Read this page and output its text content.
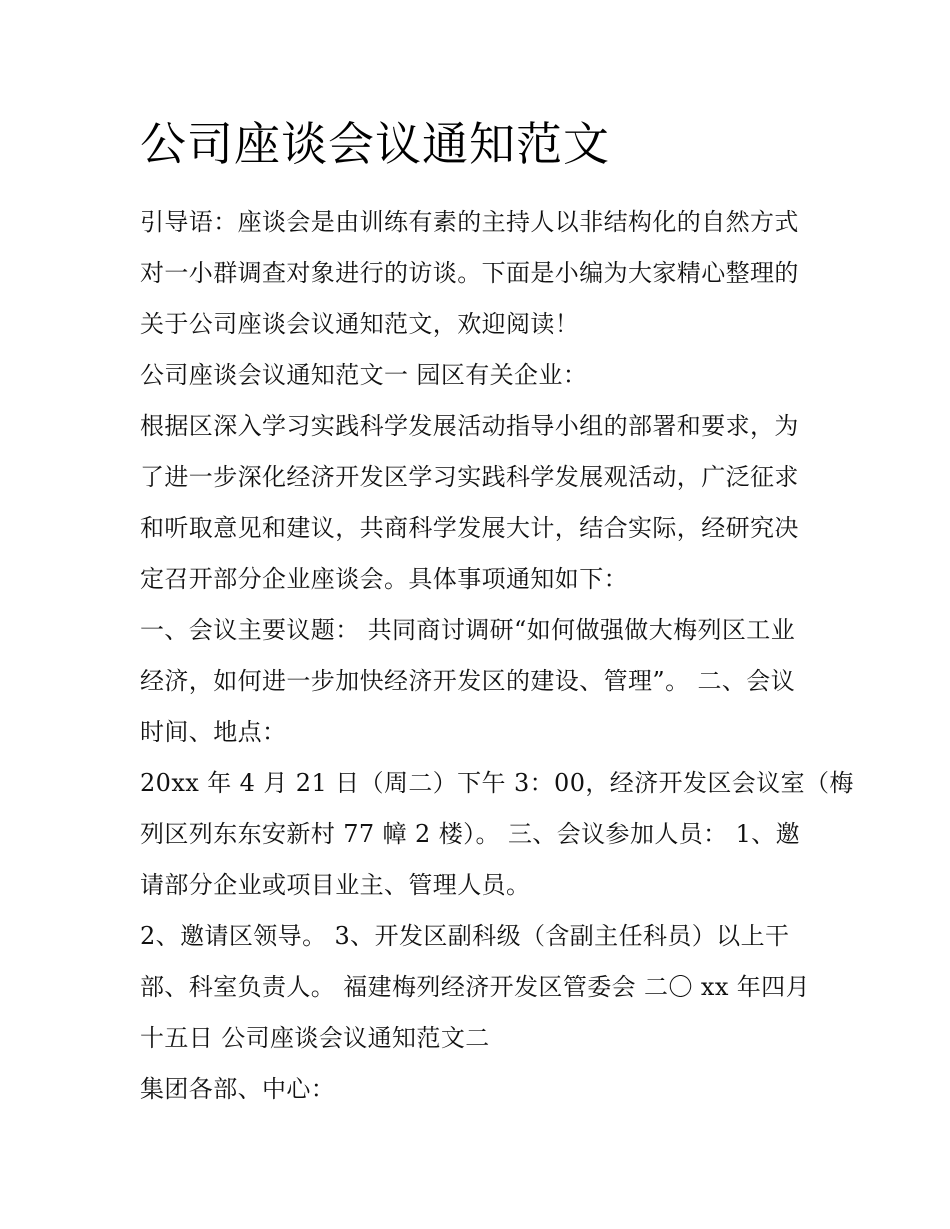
公司座谈会议通知范文
引导语：座谈会是由训练有素的主持人以非结构化的自然方式
对一小群调查对象进行的访谈。下面是小编为大家精心整理的
关于公司座谈会议通知范文，欢迎阅读！
公司座谈会议通知范文一 园区有关企业：
根据区深入学习实践科学发展活动指导小组的部署和要求，为
了进一步深化经济开发区学习实践科学发展观活动，广泛征求
和听取意见和建议，共商科学发展大计，结合实际，经研究决
定召开部分企业座谈会。具体事项通知如下：
一、会议主要议题： 共同商讨调研“如何做强做大梅列区工业
经济，如何进一步加快经济开发区的建设、管理”。 二、会议
时间、地点：
20xx 年 4 月 21 日（周二）下午 3：00，经济开发区会议室（梅
列区列东东安新村 77 幛 2 楼）。 三、会议参加人员： 1、邀
请部分企业或项目业主、管理人员。
2、邀请区领导。 3、开发区副科级（含副主任科员）以上干
部、科室负责人。 福建梅列经济开发区管委会 二〇 xx 年四月
十五日 公司座谈会议通知范文二
集团各部、中心：
